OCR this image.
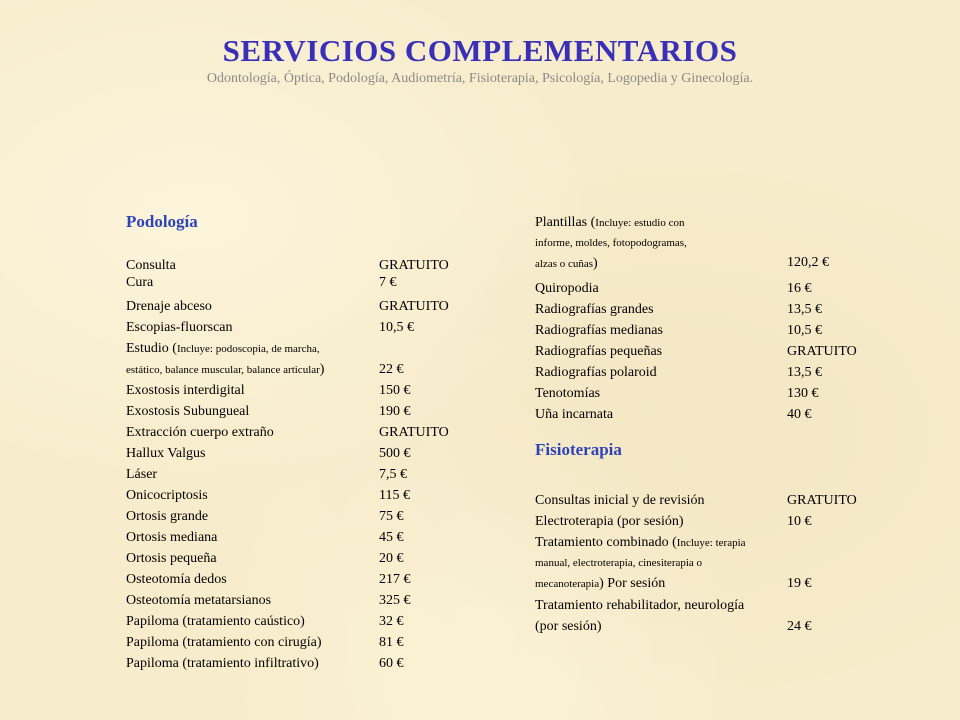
SERVICIOS COMPLEMENTARIOS

Odontología, Óptica, Podología, Audiometría, Fisioterapia, Psicología, Logopedia y Ginecología.

Podología
Consulta	GRATUITO
Cura	7 €
Drenaje abceso	GRATUITO
Escopias-fluorscan	10,5 €
Estudio (Incluye: podoscopia, de marcha,
estático, balance muscular, balance articular)	22 €
Exostosis interdigital	150 €
Exostosis Subungueal	190 €
Extracción cuerpo extraño	GRATUITO
Hallux Valgus	500 €
Láser	7,5 €
Onicocriptosis	115 €
Ortosis grande	75 €
Ortosis mediana	45 €
Ortosis pequeña	20 €
Osteotomía dedos	217 €
Osteotomía metatarsianos	325 €
Papiloma (tratamiento caústico)	32 €
Papiloma (tratamiento con cirugía)	81 €
Papiloma (tratamiento infiltrativo)	60 €
Plantillas (Incluye: estudio con
informe, moldes, fotopodogramas,
alzas o cuñas)	120,2 €
Quiropodia	16 €
Radiografías grandes	13,5 €
Radiografías medianas	10,5 €
Radiografías pequeñas	GRATUITO
Radiografías polaroid	13,5 €
Tenotomías	130 €
Uña incarnata	40 €
Fisioterapia
Consultas inicial y de revisión	GRATUITO
Electroterapia (por sesión)	10 €
Tratamiento combinado (Incluye: terapia
manual, electroterapia, cinesiterapia o
mecanoterapia) Por sesión	19 €
Tratamiento rehabilitador, neurología
(por sesión)	24 €
